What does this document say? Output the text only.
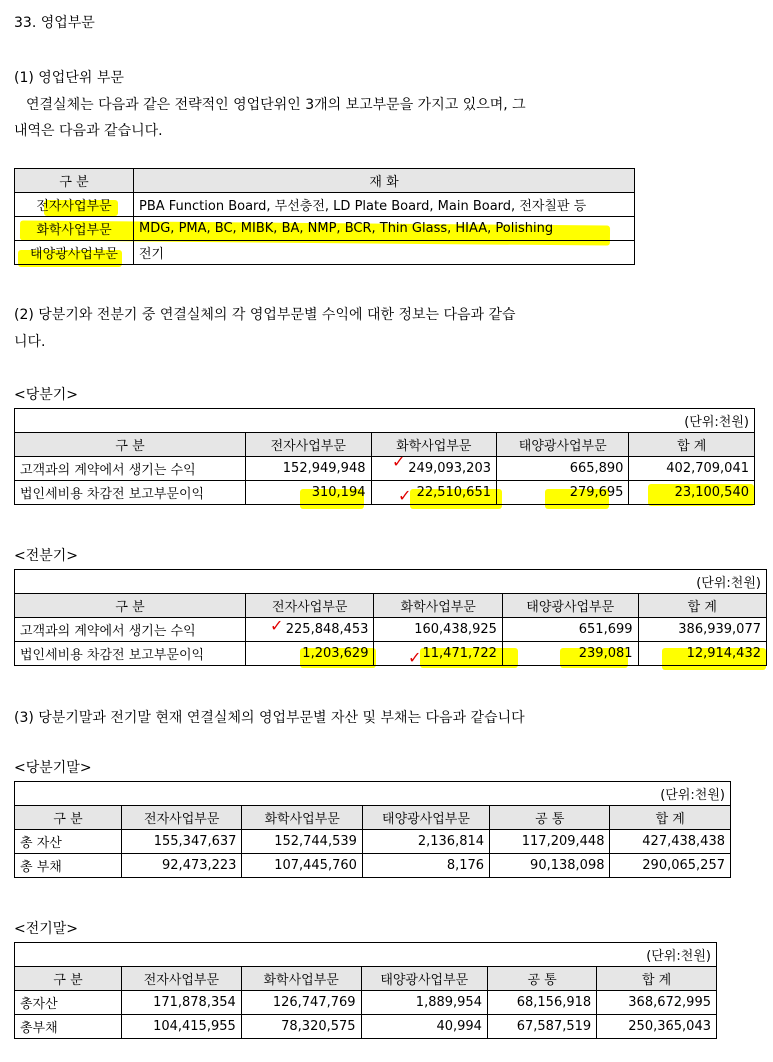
33. 영업부문
(1) 영업단위 부문
연결실체는 다음과 같은 전략적인 영업단위인 3개의 보고부문을 가지고 있으며, 그
내역은 다음과 같습니다.
구 분	재 화
전자사업부문	PBA Function Board, 무선충전, LD Plate Board, Main Board, 전자칠판 등
화학사업부문	MDG, PMA, BC, MIBK, BA, NMP, BCR, Thin Glass, HIAA, Polishing
태양광사업부문	전기
(2) 당분기와 전분기 중 연결실체의 각 영업부문별 수익에 대한 정보는 다음과 같습
니다.
<당분기>
(단위:천원)				
구 분	전자사업부문	화학사업부문	태양광사업부문	합 계
고객과의 계약에서 생기는 수익	152,949,948	249,093,203	665,890	402,709,041
법인세비용 차감전 보고부문이익	310,194	22,510,651	279,695	23,100,540
✓
✓
<전분기>
(단위:천원)				
구 분	전자사업부문	화학사업부문	태양광사업부문	합 계
고객과의 계약에서 생기는 수익	225,848,453	160,438,925	651,699	386,939,077
법인세비용 차감전 보고부문이익	1,203,629	11,471,722	239,081	12,914,432
✓
✓
(3) 당분기말과 전기말 현재 연결실체의 영업부문별 자산 및 부채는 다음과 같습니다
<당분기말>
(단위:천원)					
구 분	전자사업부문	화학사업부문	태양광사업부문	공 통	합 계
총 자산	155,347,637	152,744,539	2,136,814	117,209,448	427,438,438
총 부채	92,473,223	107,445,760	8,176	90,138,098	290,065,257
<전기말>
(단위:천원)					
구 분	전자사업부문	화학사업부문	태양광사업부문	공 통	합 계
총자산	171,878,354	126,747,769	1,889,954	68,156,918	368,672,995
총부채	104,415,955	78,320,575	40,994	67,587,519	250,365,043
